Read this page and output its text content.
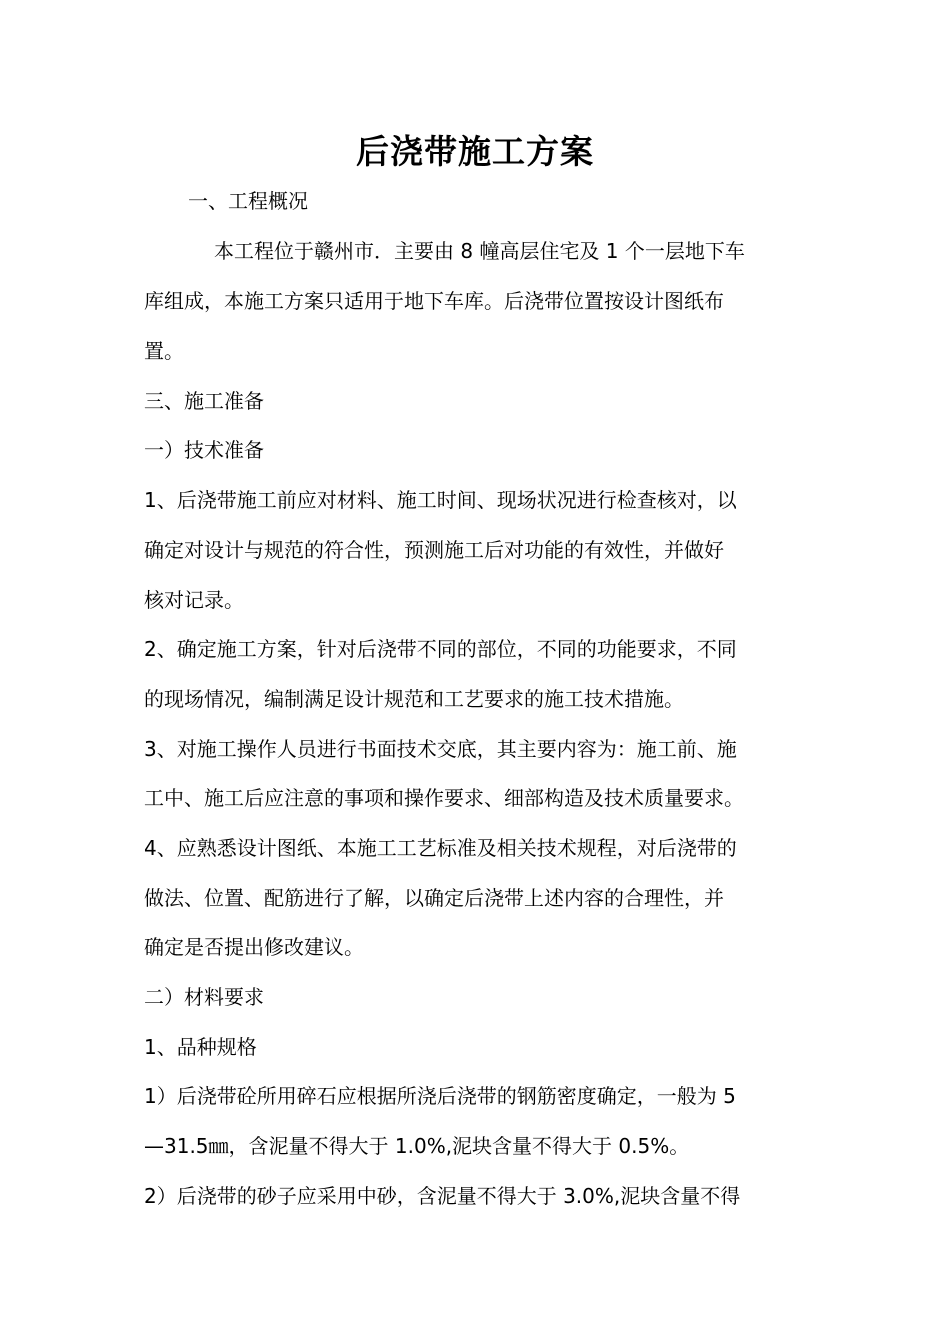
后浇带施工方案
一、工程概况
本工程位于赣州市．主要由 8 幢高层住宅及 1 个一层地下车
库组成，本施工方案只适用于地下车库。后浇带位置按设计图纸布
置。
三、施工准备
一）技术准备
1、后浇带施工前应对材料、施工时间、现场状况进行检查核对，以
确定对设计与规范的符合性，预测施工后对功能的有效性，并做好
核对记录。
2、确定施工方案，针对后浇带不同的部位，不同的功能要求，不同
的现场情况，编制满足设计规范和工艺要求的施工技术措施。
3、对施工操作人员进行书面技术交底，其主要内容为：施工前、施
工中、施工后应注意的事项和操作要求、细部构造及技术质量要求。
4、应熟悉设计图纸、本施工工艺标准及相关技术规程，对后浇带的
做法、位置、配筋进行了解，以确定后浇带上述内容的合理性，并
确定是否提出修改建议。
二）材料要求
1、品种规格
1）后浇带砼所用碎石应根据所浇后浇带的钢筋密度确定，一般为 5
—31.5㎜，含泥量不得大于 1.0%,泥块含量不得大于 0.5%。
2）后浇带的砂子应采用中砂，含泥量不得大于 3.0%,泥块含量不得
